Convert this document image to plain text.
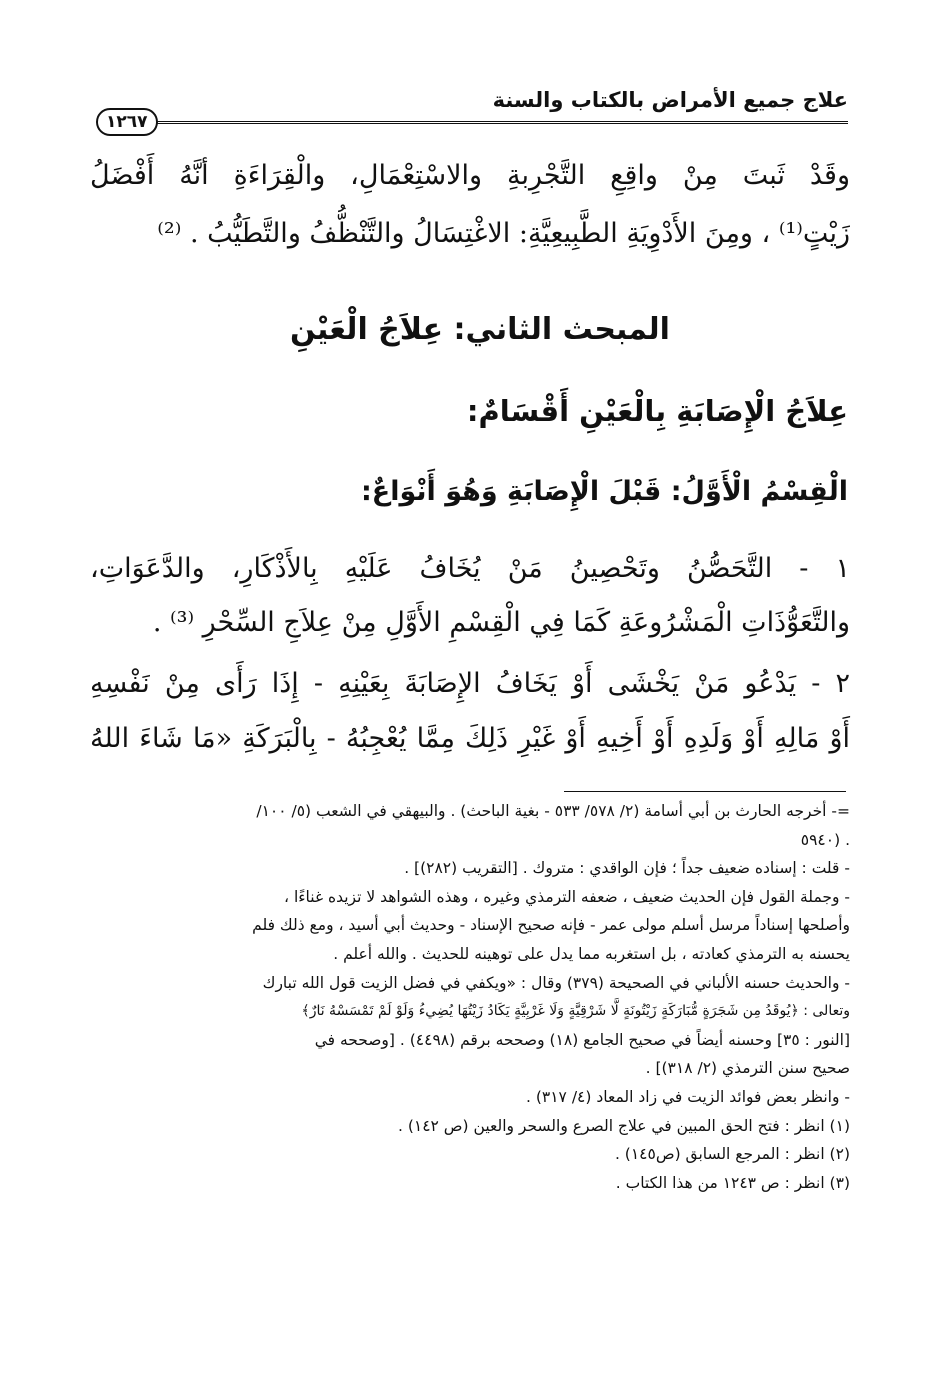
علاج جميع الأمراض بالكتاب والسنة
١٢٦٧
وقَدْ ثَبتَ مِنْ واقِعِ التَّجْرِبةِ والاسْتِعْمَالِ، والْقِرَاءَةِ أنَّهُ أَفْضَلُ
زَيْتٍ⁽¹⁾ ، ومِنَ الأَدْوِيَةِ الطَّبِيعِيَّةِ: الاغْتِسَالُ والتَّنْظُّفُ والتَّطَيُّبُ . ⁽²⁾
المبحث الثاني: عِلاَجُ الْعَيْنِ
عِلاَجُ الْإِصَابَةِ بِالْعَيْنِ أَقْسَامٌ:
الْقِسْمُ الْأَوَّلُ: قَبْلَ الْإِصَابَةِ وَهُوَ أَنْوَاعٌ:
١ - التَّحَصُّنُ وتَحْصِينُ مَنْ يُخَافُ عَلَيْهِ بِالأَذْكَارِ، والدَّعَوَاتِ،
والتَّعَوُّذَاتِ الْمَشْرُوعَةِ كَمَا فِي الْقِسْمِ الأَوَّلِ مِنْ عِلاَجِ السِّحْرِ ⁽³⁾ .
٢ - يَدْعُو مَنْ يَخْشَى أَوْ يَخَافُ الإِصَابَةَ بِعَيْنِهِ - إِذَا رَأَى مِنْ نَفْسِهِ
أَوْ مَالِهِ أَوْ وَلَدِهِ أَوْ أَخِيهِ أَوْ غَيْرِ ذَلِكَ مِمَّا يُعْجِبُهُ - بِالْبَرَكَةِ «مَا شَاءَ اللهُ

=- أخرجه الحارث بن أبي أسامة (٢/ ٥٧٨/ ٥٣٣ - بغية الباحث) . والبيهقي في الشعب (٥/ ١٠٠/

. (٥٩٤٠

- قلت : إسناده ضعيف جداً ؛ فإن الواقدي : متروك . [التقريب (٢٨٢)] .

- وجملة القول فإن الحديث ضعيف ، ضعفه الترمذي وغيره ، وهذه الشواهد لا تزيده غناءًا ،

وأصلحها إسناداً مرسل أسلم مولى عمر - فإنه صحيح الإسناد - وحديث أبي أسيد ، ومع ذلك فلم

يحسنه به الترمذي كعادته ، بل استغربه مما يدل على توهينه للحديث . والله أعلم .

- والحديث حسنه الألباني في الصحيحة (٣٧٩) وقال : «ويكفي في فضل الزيت قول الله تبارك

وتعالى : ﴿يُوقَدُ مِن شَجَرَةٍ مُّبَارَكَةٍ زَيْتُونَةٍ لَّا شَرْقِيَّةٍ وَلَا غَرْبِيَّةٍ يَكَادُ زَيْتُهَا يُضِيءُ وَلَوْ لَمْ تَمْسَسْهُ نَارٌ﴾

[النور : ٣٥] وحسنه أيضاً في صحيح الجامع (١٨) وصححه برقم (٤٤٩٨) . [وصححه في

صحيح سنن الترمذي (٢/ ٣١٨)] .

- وانظر بعض فوائد الزيت في زاد المعاد (٤/ ٣١٧) .

(١) انظر : فتح الحق المبين في علاج الصرع والسحر والعين (ص ١٤٢) .

(٢) انظر : المرجع السابق (ص١٤٥) .

(٣) انظر : ص ١٢٤٣ من هذا الكتاب .
